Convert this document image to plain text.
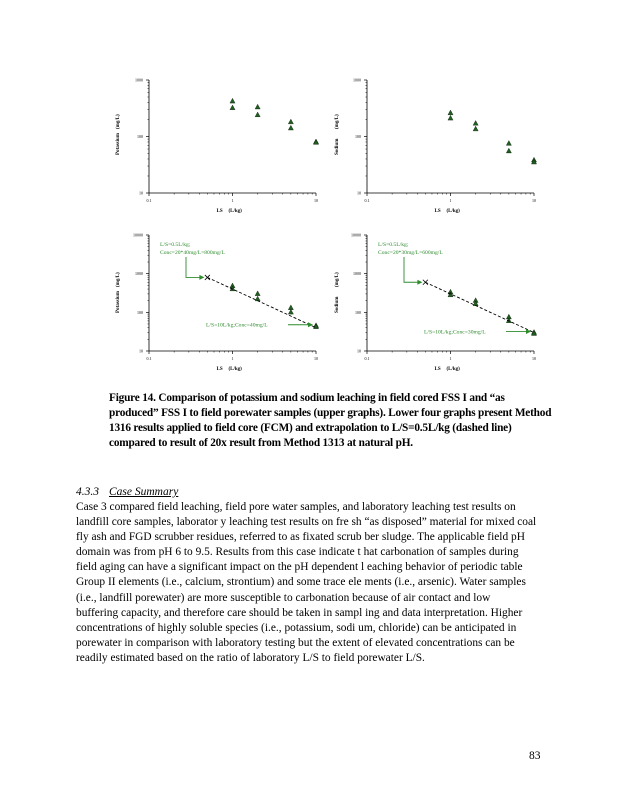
1000
100
10
0.1	1	10
LS (L/kg)
Potassium
(mg/L)
1000
100
10
0.1	1	10
LS (L/kg)
Sodium
(mg/L)
10000
1000
100
10
0.1	1	10
LS (L/kg)
Potassium
(mg/L)
L/S=0.5L/kg;
Conc=20*40mg/L=800mg/L
L/S=10L/kg;Conc=40mg/L
10000
1000
100
10
0.1	1	10
LS (L/kg)
Sodium
(mg/L)
L/S=0.5L/kg;
Conc=20*30mg/L=600mg/L
L/S=10L/kg;Conc=30mg/L
Figure 14. Comparison of potassium and sodium leaching in field cored FSS I and “as
produced” FSS I to field porewater samples (upper graphs). Lower four graphs present Method
1316 results applied to field core (FCM) and extrapolation to L/S=0.5L/kg (dashed line)
compared to result of 20x result from Method 1313 at natural pH.
4.3.3 Case Summary
Case 3 compared field leaching, field pore water samples, and laboratory leaching test results on
landfill core samples, laborator y leaching test results on fre sh “as disposed” material for mixed coal
fly ash and FGD scrubber residues, referred to as fixated scrub ber sludge. The applicable field pH
domain was from pH 6 to 9.5. Results from this case indicate t hat carbonation of samples during
field aging can have a significant impact on the pH dependent l eaching behavior of periodic table
Group II elements (i.e., calcium, strontium) and some trace ele ments (i.e., arsenic). Water samples
(i.e., landfill porewater) are more susceptible to carbonation because of air contact and low
buffering capacity, and therefore care should be taken in sampl ing and data interpretation. Higher
concentrations of highly soluble species (i.e., potassium, sodi um, chloride) can be anticipated in
porewater in comparison with laboratory testing but the extent of elevated concentrations can be
readily estimated based on the ratio of laboratory L/S to field porewater L/S.
83
